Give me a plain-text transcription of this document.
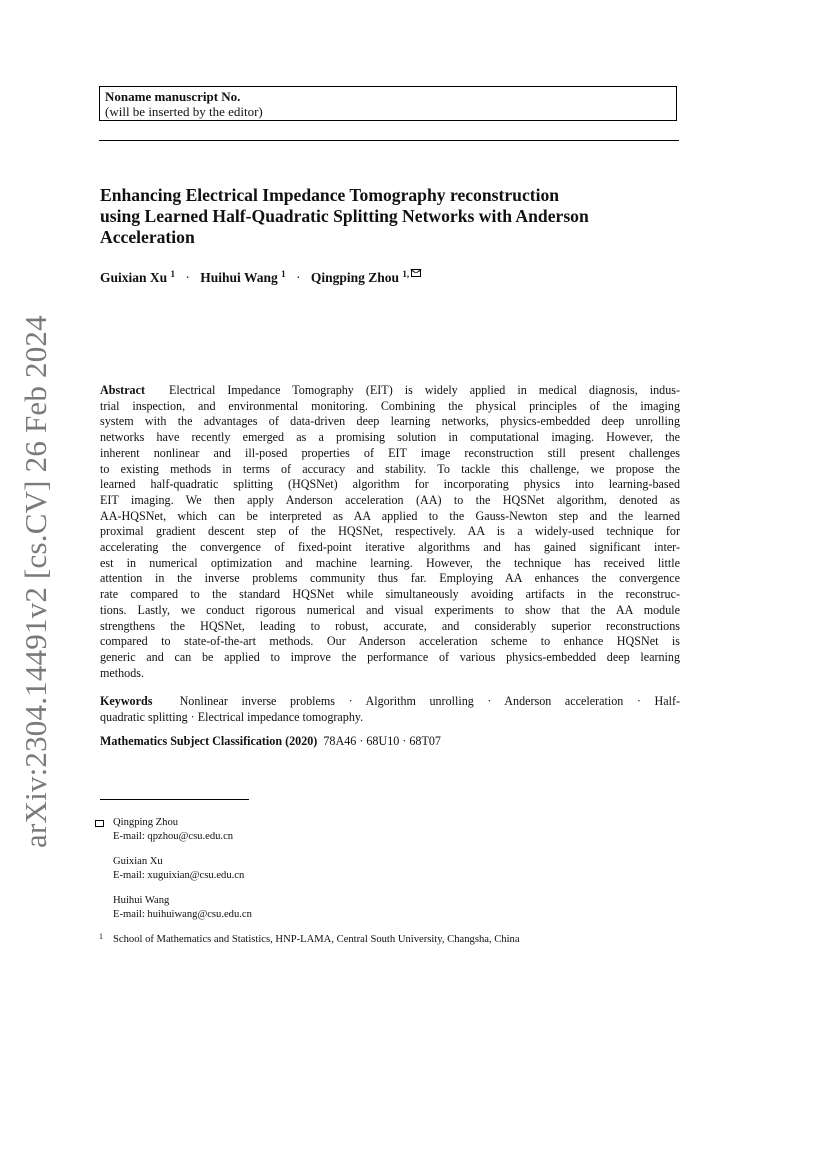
arXiv:2304.14491v2 [cs.CV] 26 Feb 2024
Noname manuscript No.
(will be inserted by the editor)
Enhancing Electrical Impedance Tomography reconstruction
using Learned Half-Quadratic Splitting Networks with Anderson
Acceleration
Guixian Xu $^1$ · Huihui Wang $^1$ · Qingping Zhou $^{1,}$
Abstract Electrical Impedance Tomography (EIT) is widely applied in medical diagnosis, indus-
trial inspection, and environmental monitoring. Combining the physical principles of the imaging
system with the advantages of data-driven deep learning networks, physics-embedded deep unrolling
networks have recently emerged as a promising solution in computational imaging. However, the
inherent nonlinear and ill-posed properties of EIT image reconstruction still present challenges
to existing methods in terms of accuracy and stability. To tackle this challenge, we propose the
learned half-quadratic splitting (HQSNet) algorithm for incorporating physics into learning-based
EIT imaging. We then apply Anderson acceleration (AA) to the HQSNet algorithm, denoted as
AA-HQSNet, which can be interpreted as AA applied to the Gauss-Newton step and the learned
proximal gradient descent step of the HQSNet, respectively. AA is a widely-used technique for
accelerating the convergence of fixed-point iterative algorithms and has gained significant inter-
est in numerical optimization and machine learning. However, the technique has received little
attention in the inverse problems community thus far. Employing AA enhances the convergence
rate compared to the standard HQSNet while simultaneously avoiding artifacts in the reconstruc-
tions. Lastly, we conduct rigorous numerical and visual experiments to show that the AA module
strengthens the HQSNet, leading to robust, accurate, and considerably superior reconstructions
compared to state-of-the-art methods. Our Anderson acceleration scheme to enhance HQSNet is
generic and can be applied to improve the performance of various physics-embedded deep learning
methods.
Keywords Nonlinear inverse problems · Algorithm unrolling · Anderson acceleration · Half-
quadratic splitting · Electrical impedance tomography.
Mathematics Subject Classification (2020) 78A46 · 68U10 · 68T07
Qingping Zhou
E-mail: qpzhou@csu.edu.cn
Guixian Xu
E-mail: xuguixian@csu.edu.cn
Huihui Wang
E-mail: huihuiwang@csu.edu.cn
1 School of Mathematics and Statistics, HNP-LAMA, Central South University, Changsha, China
